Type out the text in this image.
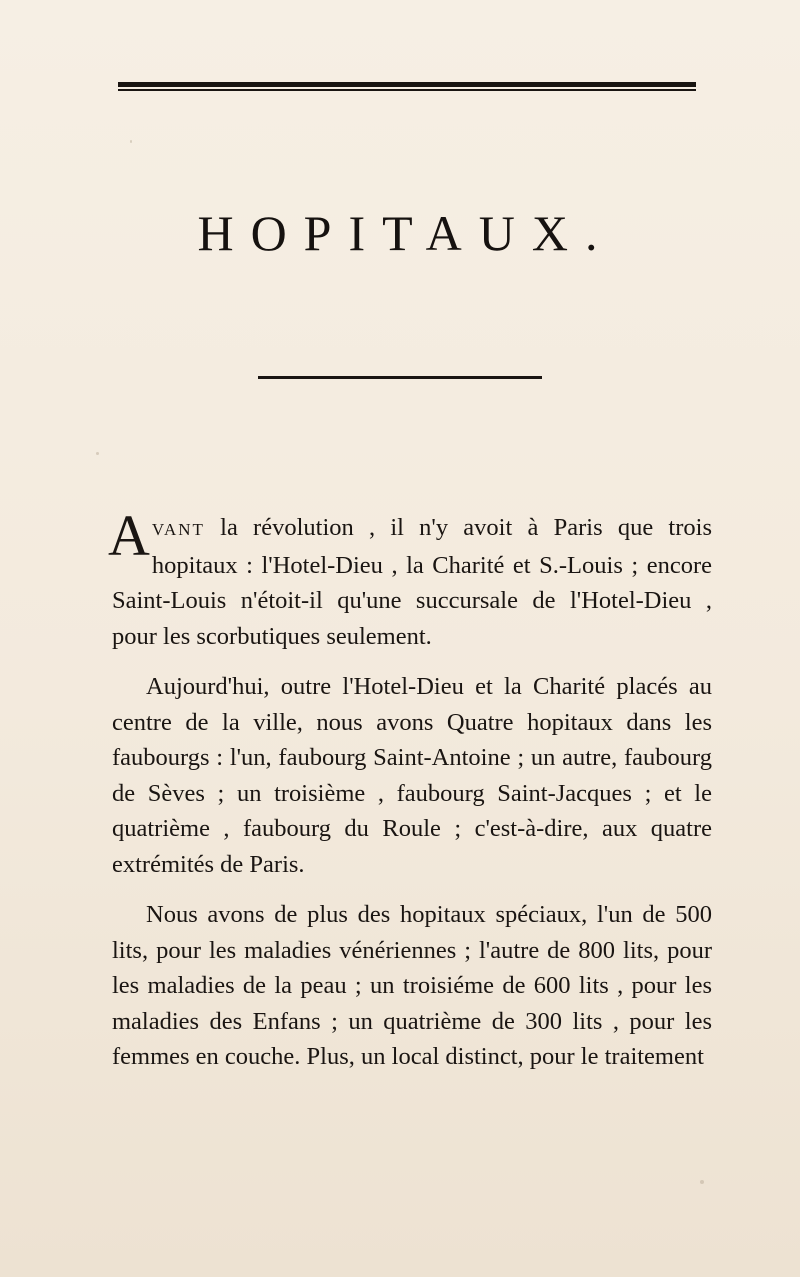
HOPITAUX.

AVANT la révolution , il n'y avoit à Paris que trois hopitaux : l'Hotel-Dieu , la Charité et S.-Louis ; encore Saint-Louis n'étoit-il qu'une succursale de l'Hotel-Dieu , pour les scorbutiques seulement.

Aujourd'hui, outre l'Hotel-Dieu et la Charité placés au centre de la ville, nous avons Quatre hopitaux dans les faubourgs : l'un, faubourg Saint-Antoine ; un autre, faubourg de Sèves ; un troisième , faubourg Saint-Jacques ; et le quatrième , faubourg du Roule ; c'est-à-dire, aux quatre extrémités de Paris.

Nous avons de plus des hopitaux spéciaux, l'un de 500 lits, pour les maladies vénériennes ; l'autre de 800 lits, pour les maladies de la peau ; un troisiéme de 600 lits , pour les maladies des Enfans ; un quatrième de 300 lits , pour les femmes en couche. Plus, un local distinct, pour le traitement
